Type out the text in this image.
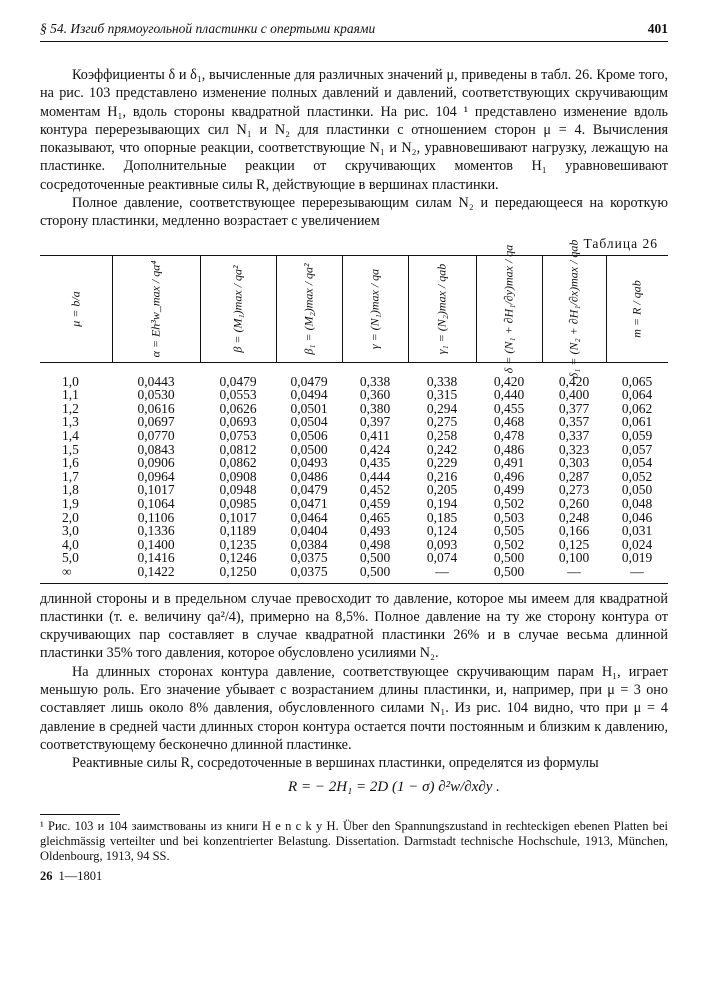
§ 54. Изгиб прямоугольной пластинки с опертыми краями	401

Коэффициенты δ и δ₁, вычисленные для различных значений μ, приведены в табл. 26. Кроме того, на рис. 103 представлено изменение полных давлений и давлений, соответствующих скручивающим моментам H₁, вдоль стороны квадратной пластинки. На рис. 104 ¹ представлено изменение вдоль контура перерезывающих сил N₁ и N₂ для пластинки с отношением сторон μ = 4. Вычисления показывают, что опорные реакции, соответствующие N₁ и N₂, уравновешивают нагрузку, лежащую на пластинке. Дополнительные реакции от скручивающих моментов H₁ уравновешивают сосредоточенные реактивные силы R, действующие в вершинах пластинки.

Полное давление, соответствующее перерезывающим силам N₂ и передающееся на короткую сторону пластинки, медленно возрастает с увеличением

Таблица 26
μ = b/a	α = Eh³w_max / qa⁴	β = (M₁)max / qa²	β₁ = (M₂)max / qa²	γ = (N₁)max / qa	γ₁ = (N₂)max / qab	δ = (N₁ + ∂H₁/∂y)max / qa	δ₁ = (N₂ + ∂H₁/∂x)max / qab	m = R / qab

1,0	0,0443	0,0479	0,0479	0,338	0,338	0,420	0,420	0,065
1,1	0,0530	0,0553	0,0494	0,360	0,315	0,440	0,400	0,064
1,2	0,0616	0,0626	0,0501	0,380	0,294	0,455	0,377	0,062
1,3	0,0697	0,0693	0,0504	0,397	0,275	0,468	0,357	0,061
1,4	0,0770	0,0753	0,0506	0,411	0,258	0,478	0,337	0,059
1,5	0,0843	0,0812	0,0500	0,424	0,242	0,486	0,323	0,057
1,6	0,0906	0,0862	0,0493	0,435	0,229	0,491	0,303	0,054
1,7	0,0964	0,0908	0,0486	0,444	0,216	0,496	0,287	0,052
1,8	0,1017	0,0948	0,0479	0,452	0,205	0,499	0,273	0,050
1,9	0,1064	0,0985	0,0471	0,459	0,194	0,502	0,260	0,048
2,0	0,1106	0,1017	0,0464	0,465	0,185	0,503	0,248	0,046
3,0	0,1336	0,1189	0,0404	0,493	0,124	0,505	0,166	0,031
4,0	0,1400	0,1235	0,0384	0,498	0,093	0,502	0,125	0,024
5,0	0,1416	0,1246	0,0375	0,500	0,074	0,500	0,100	0,019
∞	0,1422	0,1250	0,0375	0,500	—	0,500	—	—

длинной стороны и в предельном случае превосходит то давление, которое мы имеем для квадратной пластинки (т. е. величину qa²/4), примерно на 8,5%. Полное давление на ту же сторону контура от скручивающих пар составляет в случае квадратной пластинки 26% и в случае весьма длинной пластинки 35% того давления, которое обусловлено усилиями N₂.

На длинных сторонах контура давление, соответствующее скручивающим парам H₁, играет меньшую роль. Его значение убывает с возрастанием длины пластинки, и, например, при μ = 3 оно составляет лишь около 8% давления, обусловленного силами N₁. Из рис. 104 видно, что при μ = 4 давление в средней части длинных сторон контура остается почти постоянным и близким к давлению, соответствующему бесконечно длинной пластинке.

Реактивные силы R, сосредоточенные в вершинах пластинки, определятся из формулы

R = − 2H₁ = 2D (1 − σ) ∂²w/∂x∂y .
¹ Рис. 103 и 104 заимствованы из книги H e n c k y H. Über den Spannungszustand in rechteckigen ebenen Platten bei gleichmässig verteilter und bei konzentrierter Belastung. Dissertation. Darmstadt technische Hochschule, 1913, München, Oldenbourg, 1913, 94 SS.
26 1—1801
